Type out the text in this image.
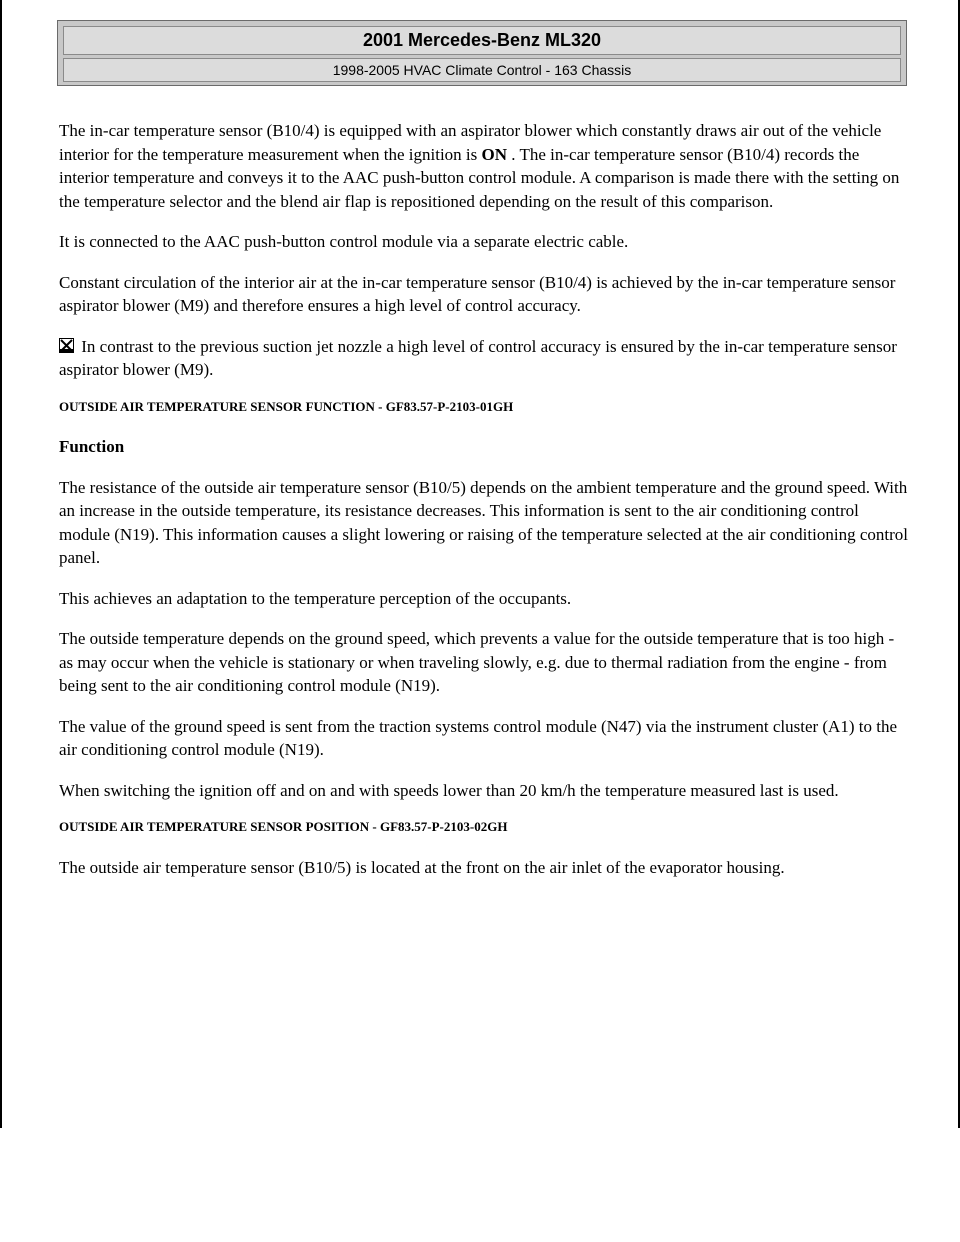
2001 Mercedes-Benz ML320
1998-2005 HVAC Climate Control - 163 Chassis

The in-car temperature sensor (B10/4) is equipped with an aspirator blower which constantly draws air out of the vehicle interior for the temperature measurement when the ignition is ON . The in-car temperature sensor (B10/4) records the interior temperature and conveys it to the AAC push-button control module. A comparison is made there with the setting on the temperature selector and the blend air flap is repositioned depending on the result of this comparison.

It is connected to the AAC push-button control module via a separate electric cable.

Constant circulation of the interior air at the in-car temperature sensor (B10/4) is achieved by the in-car temperature sensor aspirator blower (M9) and therefore ensures a high level of control accuracy.

In contrast to the previous suction jet nozzle a high level of control accuracy is ensured by the in-car temperature sensor aspirator blower (M9).

OUTSIDE AIR TEMPERATURE SENSOR FUNCTION - GF83.57-P-2103-01GH
Function

The resistance of the outside air temperature sensor (B10/5) depends on the ambient temperature and the ground speed. With an increase in the outside temperature, its resistance decreases. This information is sent to the air conditioning control module (N19). This information causes a slight lowering or raising of the temperature selected at the air conditioning control panel.

This achieves an adaptation to the temperature perception of the occupants.

The outside temperature depends on the ground speed, which prevents a value for the outside temperature that is too high - as may occur when the vehicle is stationary or when traveling slowly, e.g. due to thermal radiation from the engine - from being sent to the air conditioning control module (N19).

The value of the ground speed is sent from the traction systems control module (N47) via the instrument cluster (A1) to the air conditioning control module (N19).

When switching the ignition off and on and with speeds lower than 20 km/h the temperature measured last is used.

OUTSIDE AIR TEMPERATURE SENSOR POSITION - GF83.57-P-2103-02GH

The outside air temperature sensor (B10/5) is located at the front on the air inlet of the evaporator housing.
